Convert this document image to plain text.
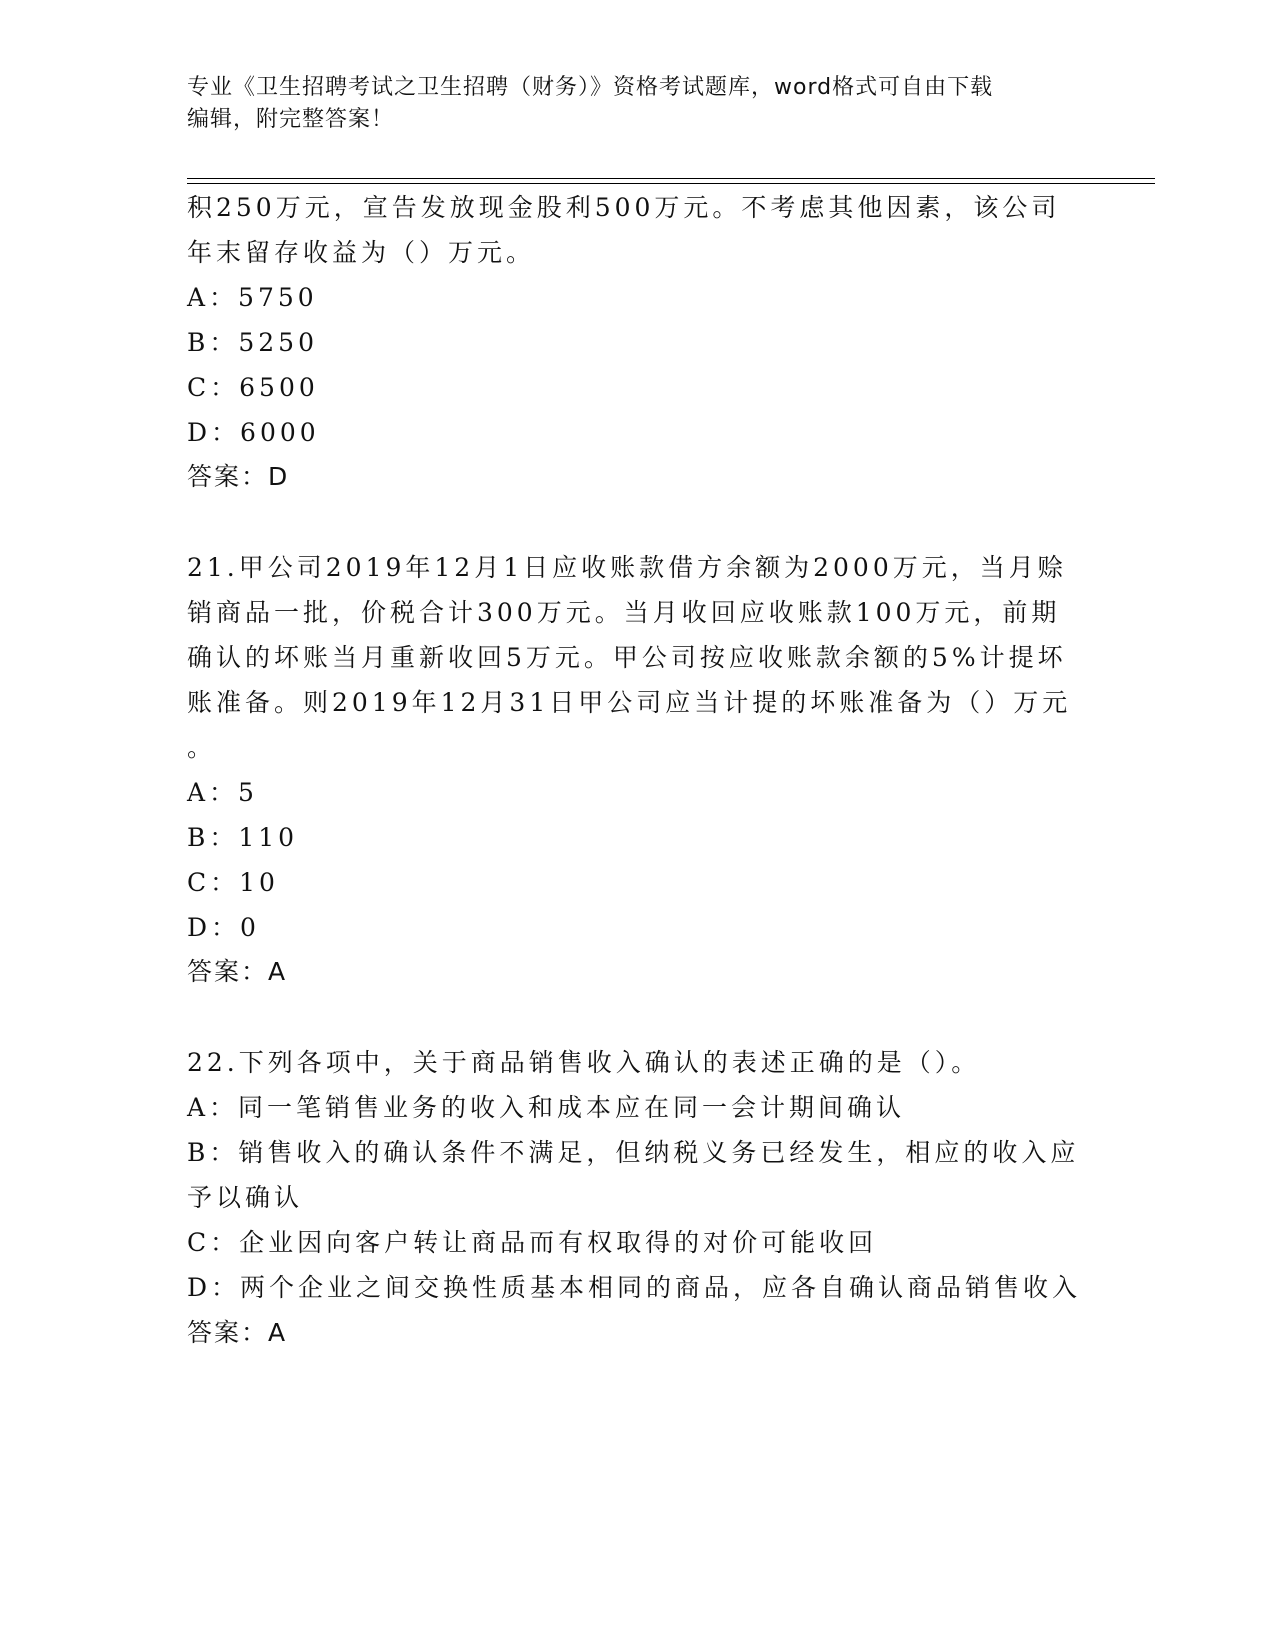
专业《卫生招聘考试之卫生招聘（财务）》资格考试题库，word格式可自由下载
编辑，附完整答案！
积250万元，宣告发放现金股利500万元。不考虑其他因素，该公司
年末留存收益为（）万元。
A：5750
B：5250
C：6500
D：6000
答案：D
21.甲公司2019年12月1日应收账款借方余额为2000万元，当月赊
销商品一批，价税合计300万元。当月收回应收账款100万元，前期
确认的坏账当月重新收回5万元。甲公司按应收账款余额的5%计提坏
账准备。则2019年12月31日甲公司应当计提的坏账准备为（）万元
。
A：5
B：110
C：10
D：0
答案：A
22.下列各项中，关于商品销售收入确认的表述正确的是（）。
A：同一笔销售业务的收入和成本应在同一会计期间确认
B：销售收入的确认条件不满足，但纳税义务已经发生，相应的收入应
予以确认
C：企业因向客户转让商品而有权取得的对价可能收回
D：两个企业之间交换性质基本相同的商品，应各自确认商品销售收入
答案：A
